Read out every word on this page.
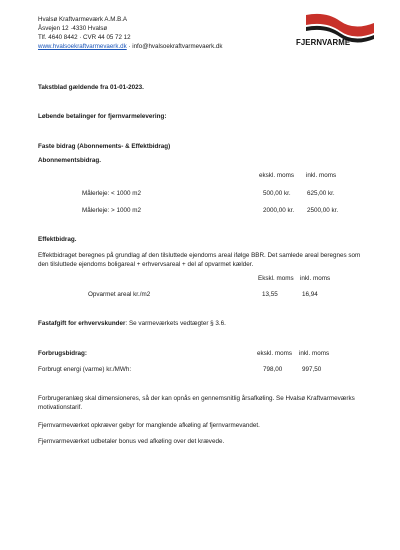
Hvalsø Kraftvarmeværk A.M.B.A
Åsvejen 12 ·4330 Hvalsø
Tlf. 4640 8442 · CVR 44 05 72 12
www.hvalsoekraftvarmevaerk.dk · info@hvalsoekraftvarmevaerk.dk	FJERNVARME
Takstblad gældende fra 01-01-2023.
Løbende betalinger for fjernvarmelevering:
Faste bidrag (Abonnements- & Effektbidrag)
Abonnementsbidrag.
ekskl. moms inkl. moms
Målerleje: < 1000 m2	500,00 kr.	625,00 kr.
Målerleje: > 1000 m2	2000,00 kr. 2500,00 kr.
Effektbidrag.
Effektbidraget beregnes på grundlag af den tilsluttede ejendoms areal ifølge BBR. Det samlede areal beregnes som den tilsluttede ejendoms boligareal + erhvervsareal + del af opvarmet kælder.
Ekskl. moms inkl. moms
Opvarmet areal kr./m2	13,55	16,94
Fastafgift for erhvervskunder: Se varmeværkets vedtægter § 3.6.
Forbrugsbidrag:	ekskl. moms inkl. moms
Forbrugt energi (varme) kr./MWh:	798,00	997,50
Forbrugeranlæg skal dimensioneres, så der kan opnås en gennemsnitlig årsafkøling. Se Hvalsø Kraftvarmeværks motivationstarif.
Fjernvarmeværket opkræver gebyr for manglende afkøling af fjernvarmevandet.
Fjernvarmeværket udbetaler bonus ved afkøling over det krævede.
